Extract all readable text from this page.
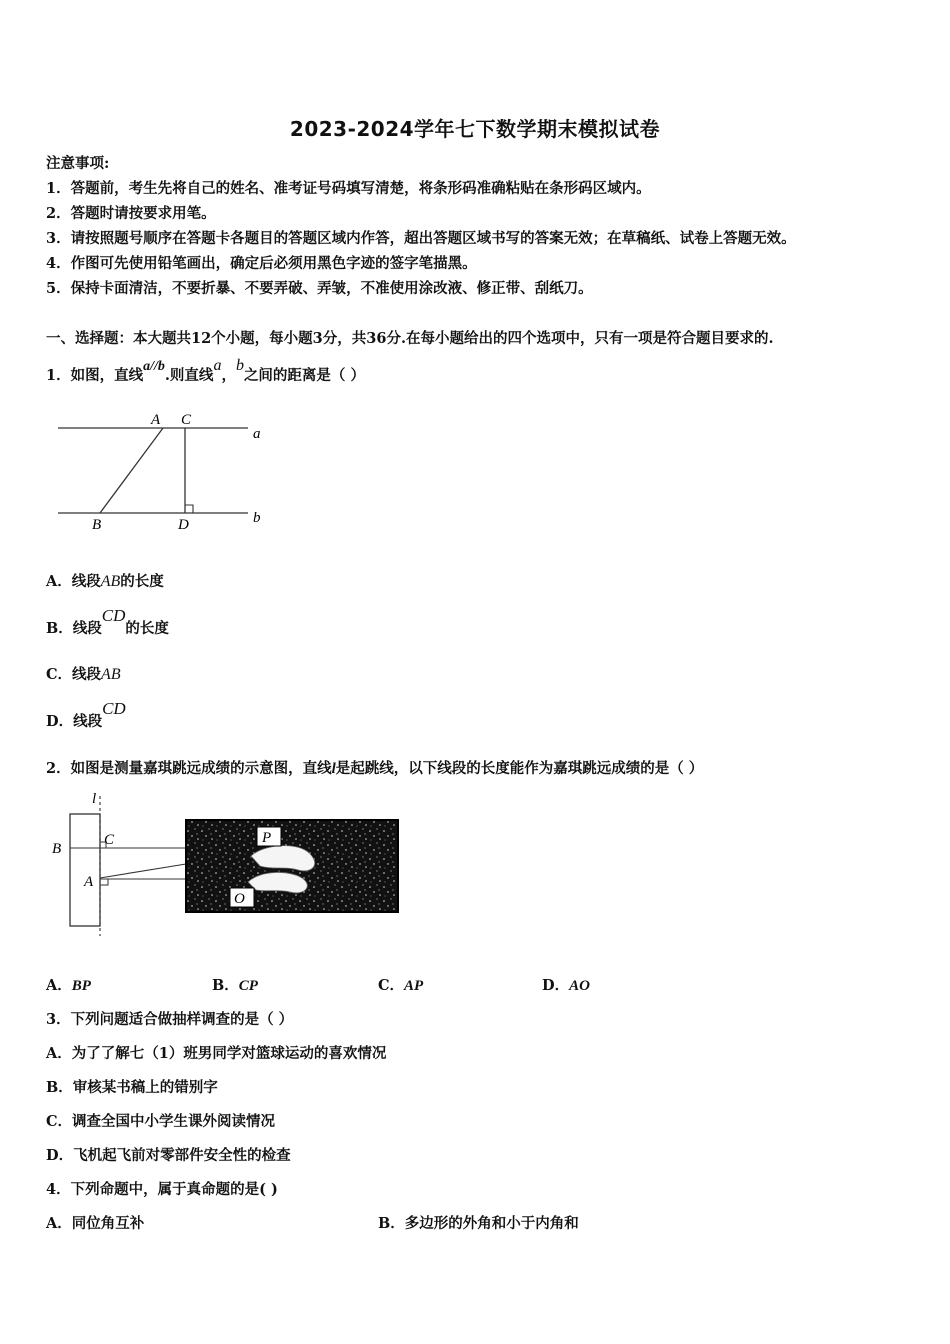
2023-2024学年七下数学期末模拟试卷
注意事项:
1．答题前，考生先将自己的姓名、准考证号码填写清楚，将条形码准确粘贴在条形码区域内。
2．答题时请按要求用笔。
3．请按照题号顺序在答题卡各题目的答题区域内作答，超出答题区域书写的答案无效；在草稿纸、试卷上答题无效。
4．作图可先使用铅笔画出，确定后必须用黑色字迹的签字笔描黑。
5．保持卡面清洁，不要折暴、不要弄破、弄皱，不准使用涂改液、修正带、刮纸刀。
一、选择题：本大题共12个小题，每小题3分，共36分.在每小题给出的四个选项中，只有一项是符合题目要求的.
1．如图，直线a//b.则直线a，b之间的距离是（ ）
A C
a
B	D	b
A．线段AB的长度
B．线段CD的长度
C．线段AB
D．线段CD
2．如图是测量嘉琪跳远成绩的示意图，直线l是起跳线，以下线段的长度能作为嘉琪跳远成绩的是（ ）
l
B
C
A
P
O
A．BP	B．CP	C．AP	D．AO
3．下列问题适合做抽样调查的是（ ）
A．为了了解七（1）班男同学对篮球运动的喜欢情况
B．审核某书稿上的错别字
C．调查全国中小学生课外阅读情况
D．飞机起飞前对零部件安全性的检查
4．下列命题中，属于真命题的是( )
A．同位角互补	B．多边形的外角和小于内角和
